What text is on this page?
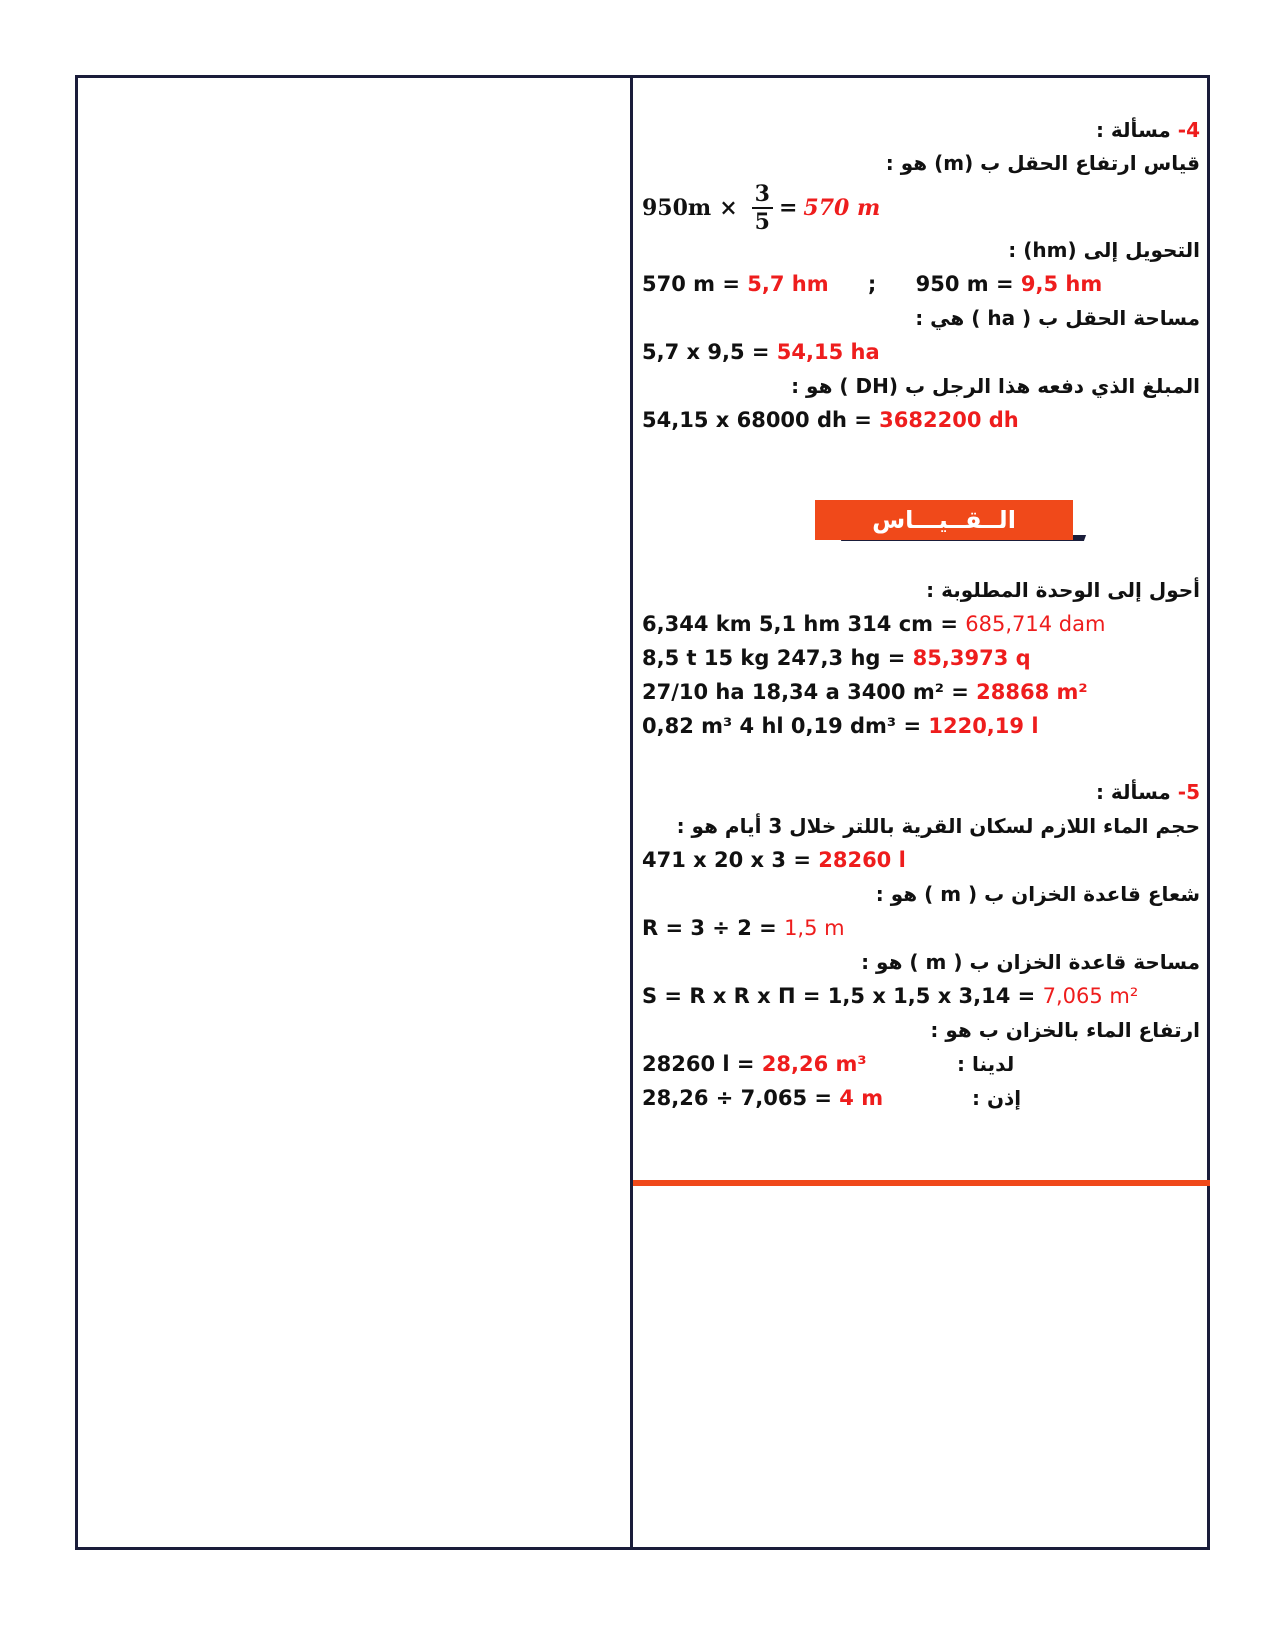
4- مسألة :
قياس ارتفاع الحقل ب (m) هو :
$950m \times \frac{3}{5} = 570$ m
التحويل إلى (hm) :
570 m = 5,7 hm ; 950 m = 9,5 hm
مساحة الحقل ب ( ha ) هي :
5,7 x 9,5 = 54,15 ha
المبلغ الذي دفعه هذا الرجل ب (DH ) هو :
54,15 x 68000 dh = 3682200 dh
الــقــيـــاس
أحول إلى الوحدة المطلوبة :
6,344 km 5,1 hm 314 cm = 685,714 dam
8,5 t 15 kg 247,3 hg = 85,3973 q
27/10 ha 18,34 a 3400 m² = 28868 m²
0,82 m³ 4 hl 0,19 dm³ = 1220,19 l
5- مسألة :
حجم الماء اللازم لسكان القرية باللتر خلال 3 أيام هو :
471 x 20 x 3 = 28260 l
شعاع قاعدة الخزان ب ( m ) هو :
R = 3 ÷ 2 = 1,5 m
مساحة قاعدة الخزان ب ( m ) هو :
S = R x R x Π = 1,5 x 1,5 x 3,14 = 7,065 m²
ارتفاع الماء بالخزان ب هو :
28260 l = 28,26 m³	لدينا :
28,26 ÷ 7,065 = 4 m	إذن :
